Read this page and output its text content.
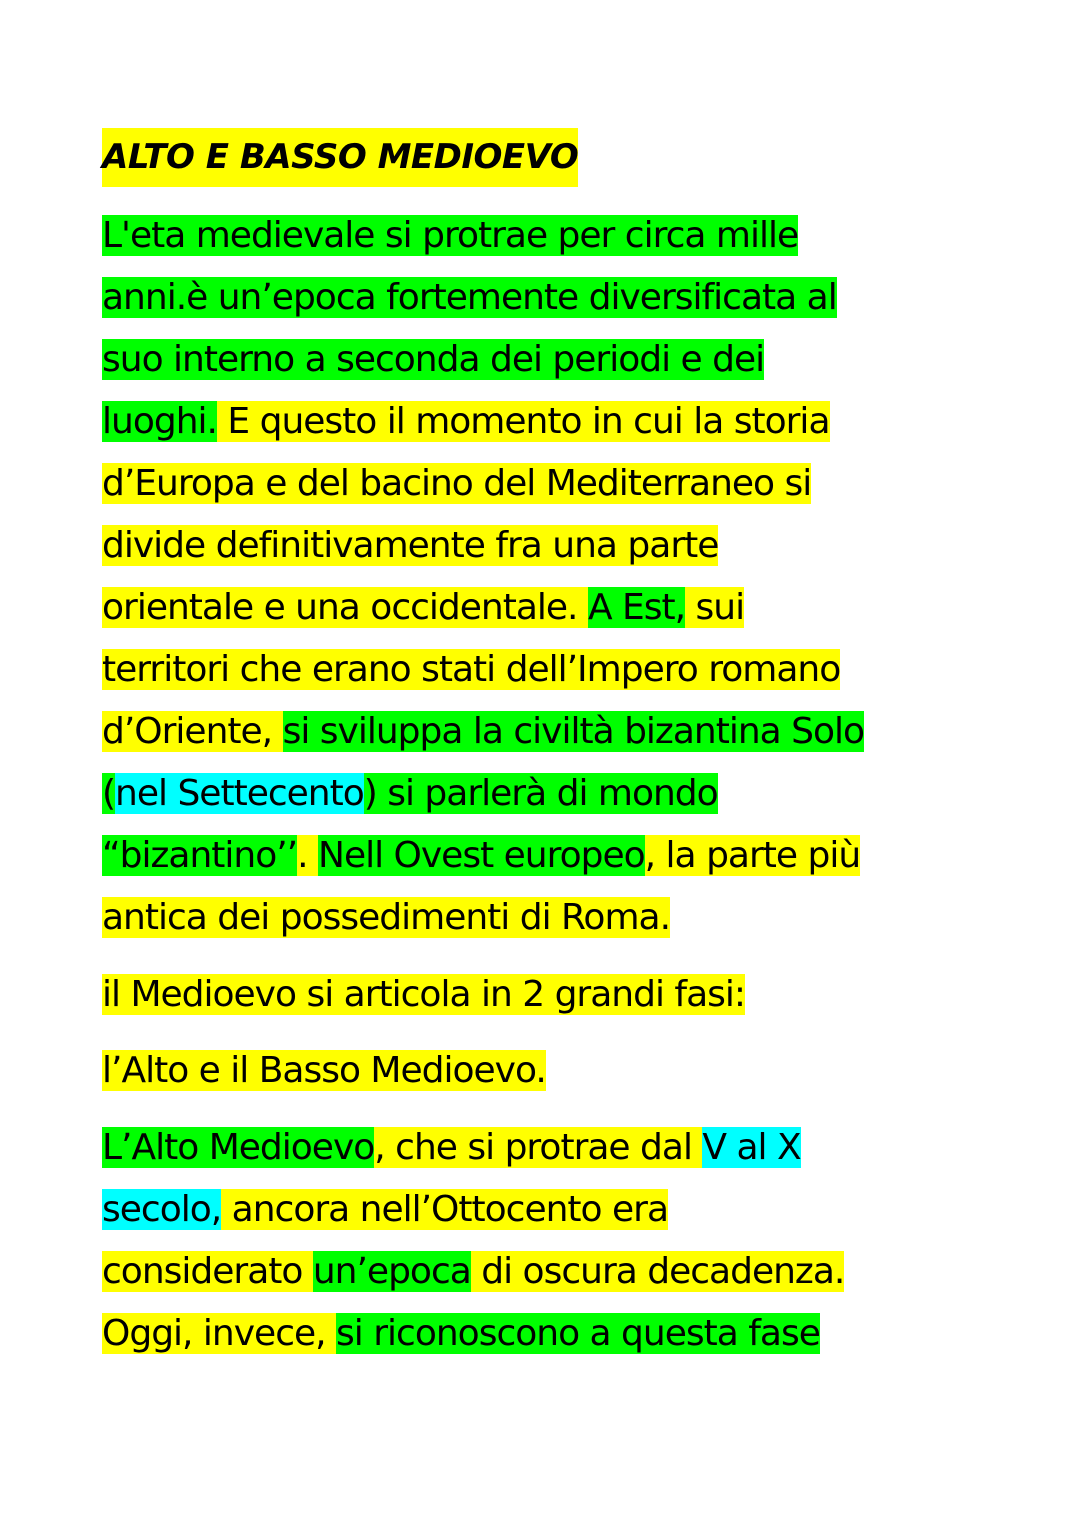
ALTO E BASSO MEDIOEVO

L'eta medievale si protrae per circa mille

anni.è un’epoca fortemente diversificata al

suo interno a seconda dei periodi e dei

luoghi. E questo il momento in cui la storia

d’Europa e del bacino del Mediterraneo si

divide definitivamente fra una parte

orientale e una occidentale. A Est, sui

territori che erano stati dell’Impero romano

d’Oriente, si sviluppa la civiltà bizantina Solo

(nel Settecento) si parlerà di mondo

“bizantino’’. Nell Ovest europeo, la parte più

antica dei possedimenti di Roma.

il Medioevo si articola in 2 grandi fasi:

l’Alto e il Basso Medioevo.

L’Alto Medioevo, che si protrae dal V al X

secolo, ancora nell’Ottocento era

considerato un’epoca di oscura decadenza.

Oggi, invece, si riconoscono a questa fase
